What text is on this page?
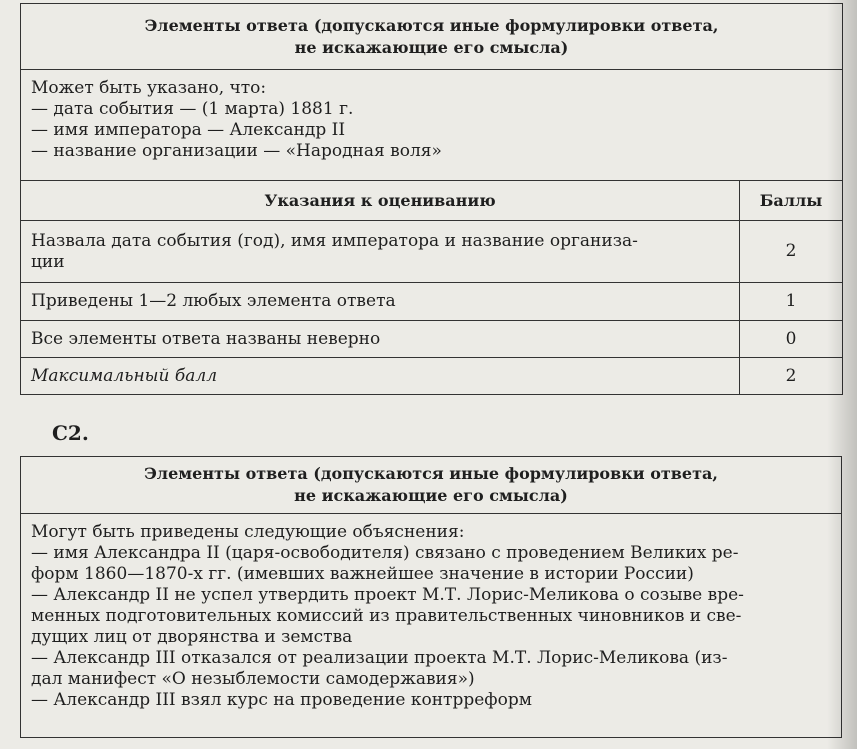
Элементы ответа (допускаются иные формулировки ответа,
не искажающие его смысла)	

Может быть указано, что:
— дата события — (1 марта) 1881 г.
— имя императора — Александр II
— название организации — «Народная воля»	

Указания к оцениванию	Баллы

Назвала дата события (год), имя императора и название организа-
ции	2
Приведены 1—2 любых элемента ответа	1
Все элементы ответа названы неверно	0
Максимальный балл	2
С2.
Элементы ответа (допускаются иные формулировки ответа,
не искажающие его смысла)

Могут быть приведены следующие объяснения:
— имя Александра II (царя-освободителя) связано с проведением Великих ре-
форм 1860—1870-х гг. (имевших важнейшее значение в истории России)
— Александр II не успел утвердить проект М.Т. Лорис-Меликова о созыве вре-
менных подготовительных комиссий из правительственных чиновников и све-
дущих лиц от дворянства и земства
— Александр III отказался от реализации проекта М.Т. Лорис-Меликова (из-
дал манифест «О незыблемости самодержавия»)
— Александр III взял курс на проведение контрреформ
